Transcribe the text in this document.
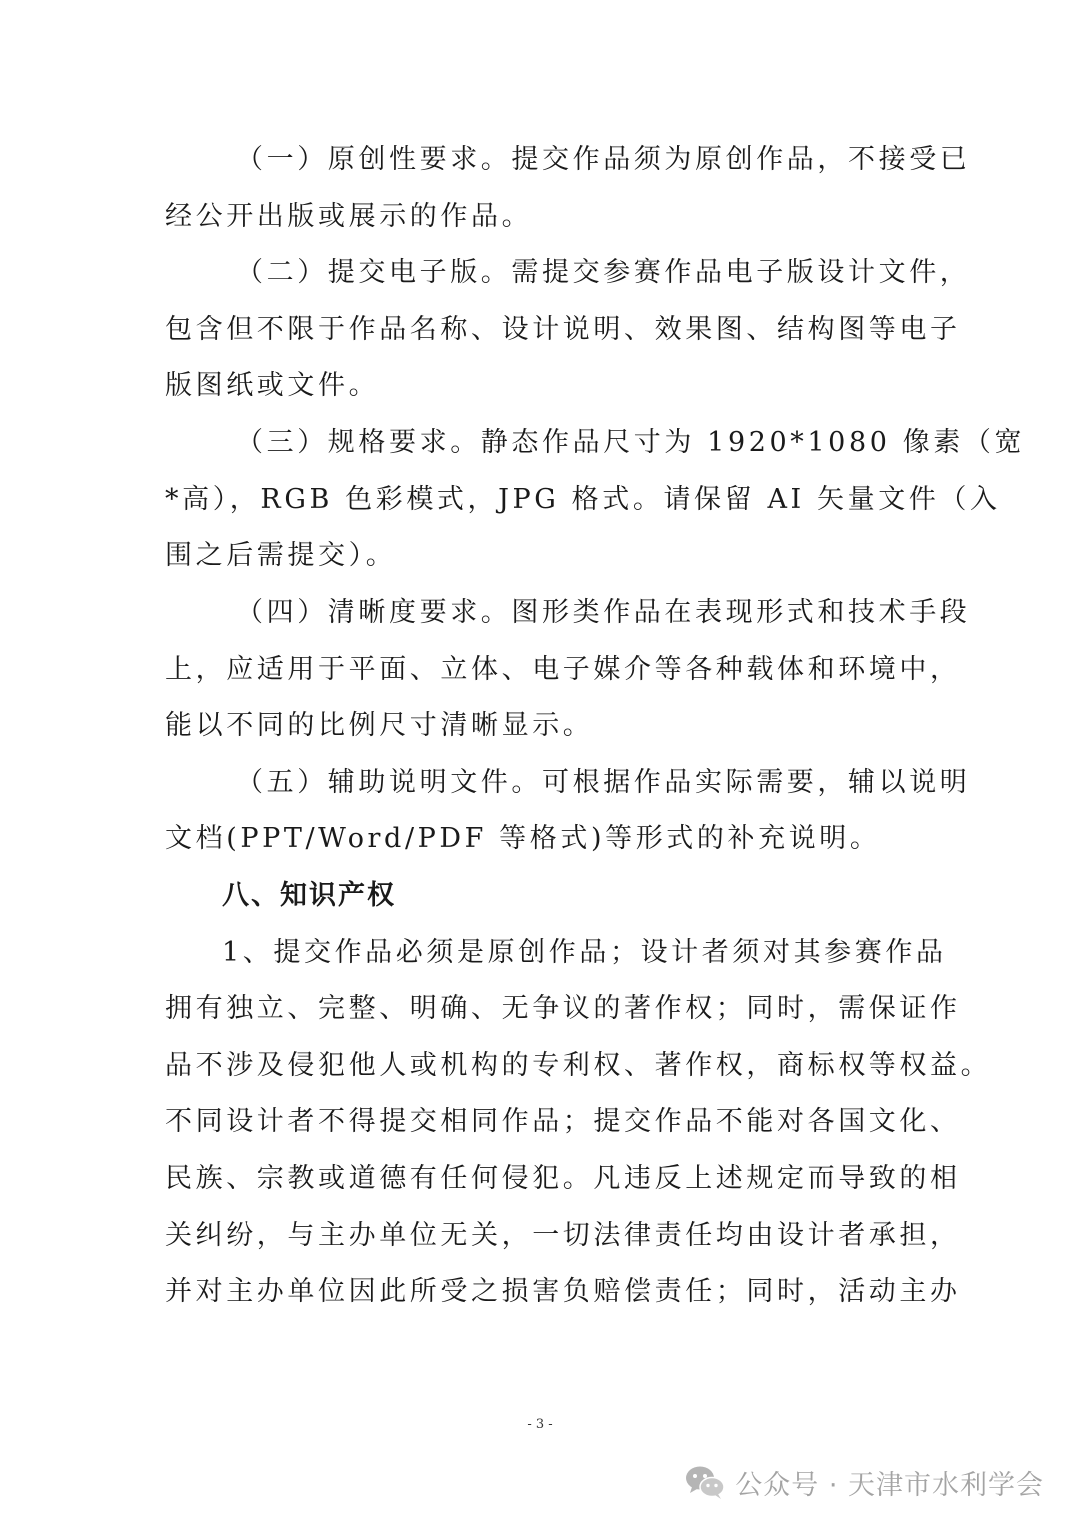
（一）原创性要求。提交作品须为原创作品，不接受已
经公开出版或展示的作品。
（二）提交电子版。需提交参赛作品电子版设计文件，
包含但不限于作品名称、设计说明、效果图、结构图等电子
版图纸或文件。
（三）规格要求。静态作品尺寸为 1920*1080 像素（宽
*高），RGB 色彩模式，JPG 格式。请保留 AI 矢量文件（入
围之后需提交）。
（四）清晰度要求。图形类作品在表现形式和技术手段
上，应适用于平面、立体、电子媒介等各种载体和环境中，
能以不同的比例尺寸清晰显示。
（五）辅助说明文件。可根据作品实际需要，辅以说明
文档(PPT/Word/PDF 等格式)等形式的补充说明。
八、知识产权
1、提交作品必须是原创作品；设计者须对其参赛作品
拥有独立、完整、明确、无争议的著作权；同时，需保证作
品不涉及侵犯他人或机构的专利权、著作权，商标权等权益。
不同设计者不得提交相同作品；提交作品不能对各国文化、
民族、宗教或道德有任何侵犯。凡违反上述规定而导致的相
关纠纷，与主办单位无关，一切法律责任均由设计者承担，
并对主办单位因此所受之损害负赔偿责任；同时，活动主办
- 3 -
公众号 · 天津市水利学会
